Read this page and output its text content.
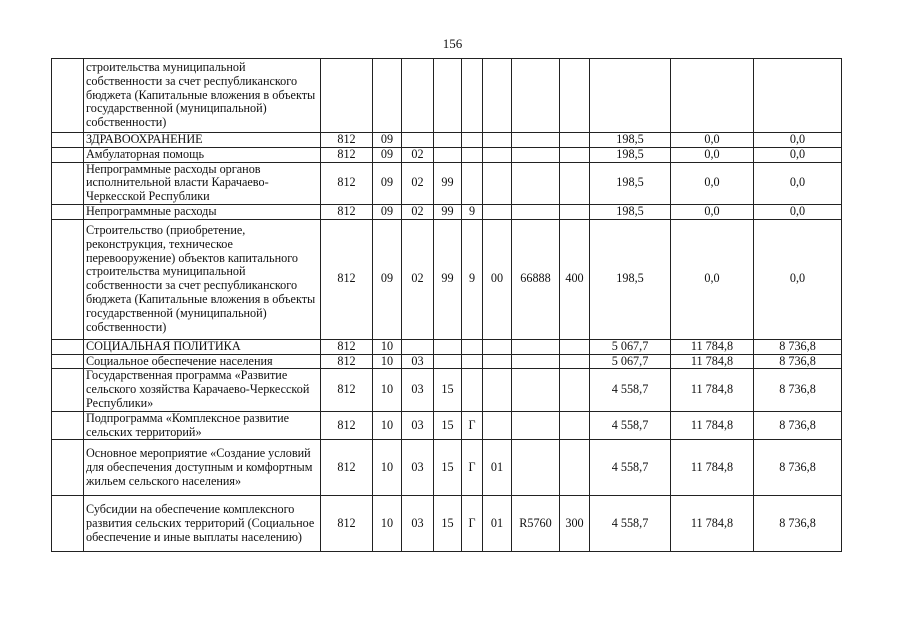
156
	строительства муниципальной собственности за счет республиканского бюджета (Капитальные вложения в объекты государственной (муниципальной) собственности)											
	ЗДРАВООХРАНЕНИЕ	812	09							198,5	0,0	0,0
	Амбулаторная помощь	812	09	02						198,5	0,0	0,0
	Непрограммные расходы органов исполнительной власти Карачаево-Черкесской Республики	812	09	02	99					198,5	0,0	0,0
	Непрограммные расходы	812	09	02	99	9				198,5	0,0	0,0
	Строительство (приобретение, реконструкция, техническое перевооружение) объектов капитального строительства муниципальной собственности за счет республиканского бюджета (Капитальные вложения в объекты государственной (муниципальной) собственности)	812	09	02	99	9	00	66888	400	198,5	0,0	0,0
	СОЦИАЛЬНАЯ ПОЛИТИКА	812	10							5 067,7	11 784,8	8 736,8
	Социальное обеспечение населения	812	10	03						5 067,7	11 784,8	8 736,8
	Государственная программа «Развитие сельского хозяйства Карачаево-Черкесской Республики»	812	10	03	15					4 558,7	11 784,8	8 736,8
	Подпрограмма «Комплексное развитие сельских территорий»	812	10	03	15	Г				4 558,7	11 784,8	8 736,8
	Основное мероприятие «Создание условий для обеспечения доступным и комфортным жильем сельского населения»	812	10	03	15	Г	01			4 558,7	11 784,8	8 736,8
	Субсидии на обеспечение комплексного развития сельских территорий (Социальное обеспечение и иные выплаты населению)	812	10	03	15	Г	01	R5760	300	4 558,7	11 784,8	8 736,8
